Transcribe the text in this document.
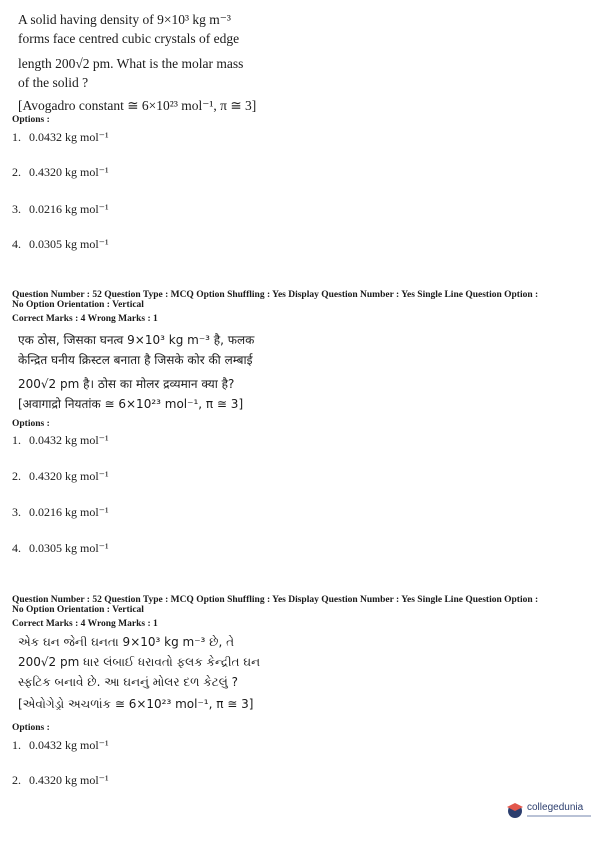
A solid having density of 9×10³ kg m⁻³

forms face centred cubic crystals of edge

length 200√2 pm. What is the molar mass

of the solid ?

[Avogadro constant ≅ 6×10²³ mol⁻¹, π ≅ 3]

Options :
1. 0.0432 kg mol⁻¹
2. 0.4320 kg mol⁻¹
3. 0.0216 kg mol⁻¹
4. 0.0305 kg mol⁻¹
Question Number : 52 Question Type : MCQ Option Shuffling : Yes Display Question Number : Yes Single Line Question Option :
No Option Orientation : Vertical
Correct Marks : 4 Wrong Marks : 1

एक ठोस, जिसका घनत्व 9×10³ kg m⁻³ है, फलक

केन्द्रित घनीय क्रिस्टल बनाता है जिसके कोर की लम्बाई

200√2 pm है। ठोस का मोलर द्रव्यमान क्या है?

[अवागाद्रो नियतांक ≅ 6×10²³ mol⁻¹, π ≅ 3]

Options :
1. 0.0432 kg mol⁻¹
2. 0.4320 kg mol⁻¹
3. 0.0216 kg mol⁻¹
4. 0.0305 kg mol⁻¹
Question Number : 52 Question Type : MCQ Option Shuffling : Yes Display Question Number : Yes Single Line Question Option :
No Option Orientation : Vertical
Correct Marks : 4 Wrong Marks : 1

એક ઘન જેની ઘનતા 9×10³ kg m⁻³ છે, તે

200√2 pm ધાર લંબાઈ ધરાવતો ફલક કેન્દ્રીત ઘન

સ્ફટિક બનાવે છે. આ ઘનનું મોલર દળ કેટલું ?

[એવોગેડ્રો અચળાંક ≅ 6×10²³ mol⁻¹, π ≅ 3]

Options :
1. 0.0432 kg mol⁻¹
2. 0.4320 kg mol⁻¹
collegedunia
